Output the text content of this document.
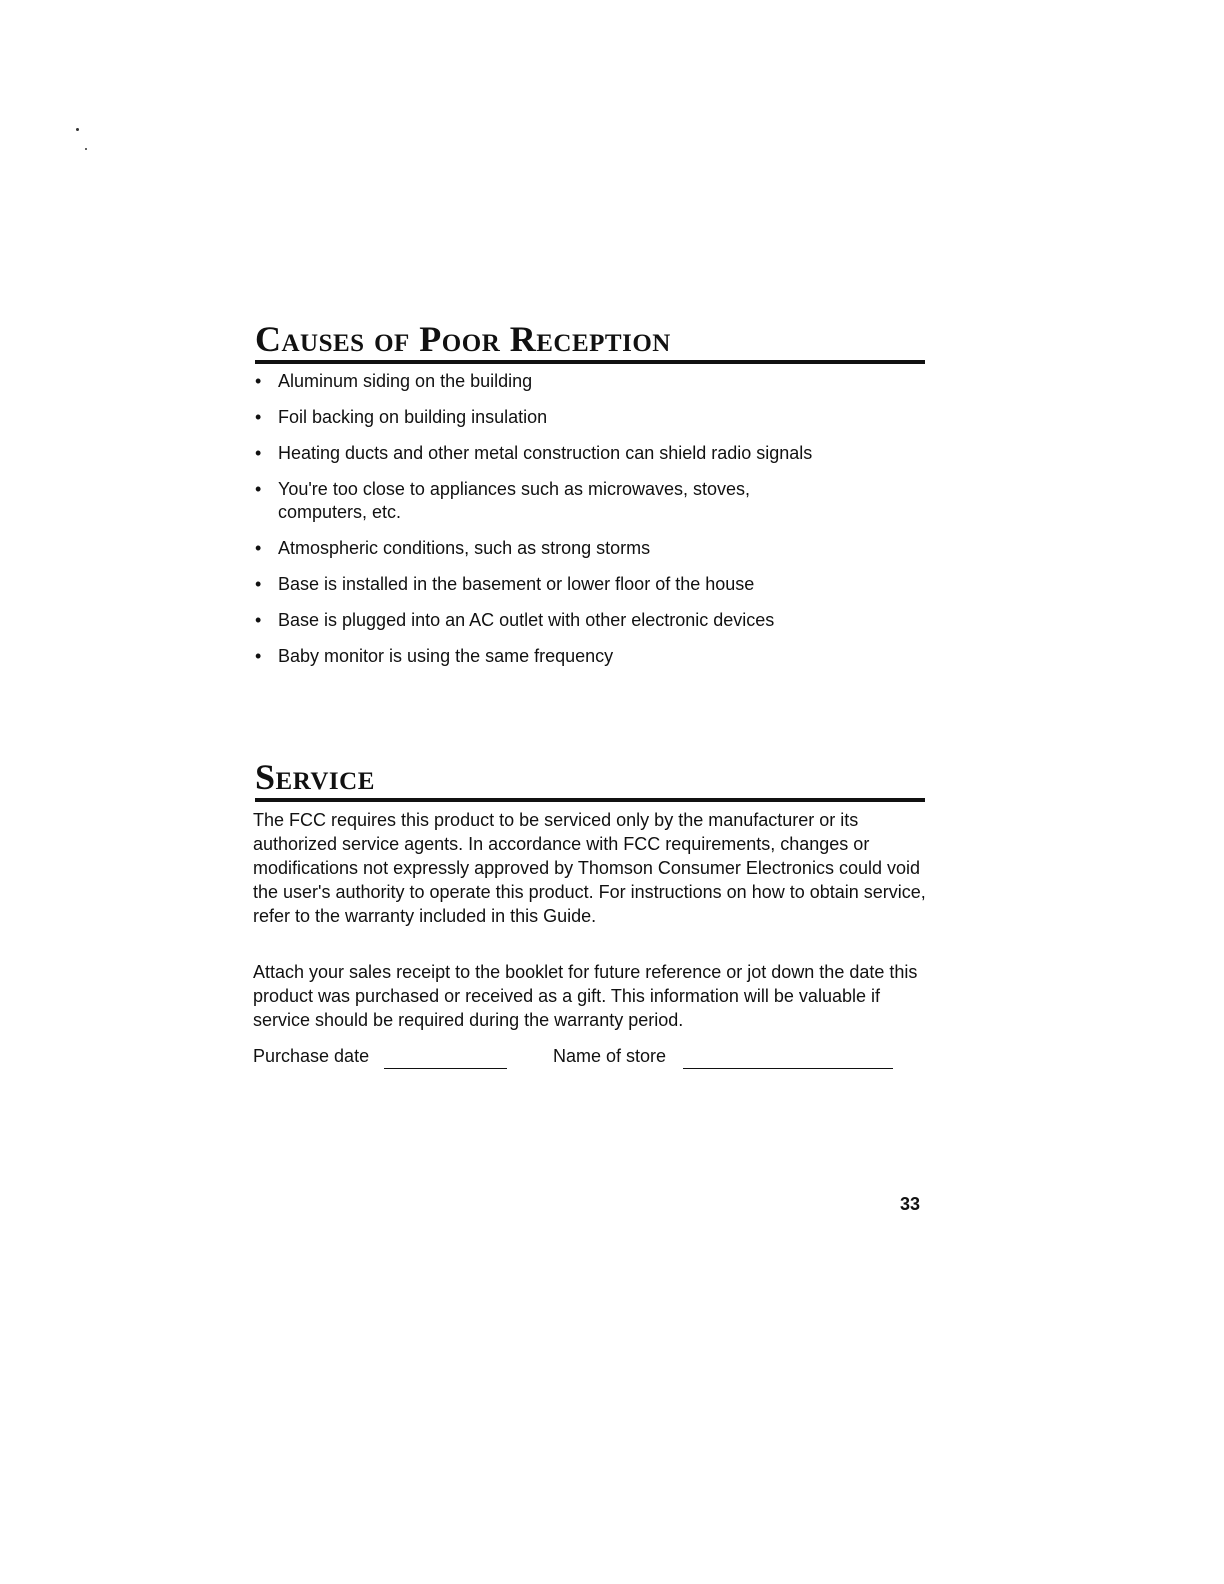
Causes of Poor Reception
• Aluminum siding on the building
• Foil backing on building insulation
• Heating ducts and other metal construction can shield radio signals
• You're too close to appliances such as microwaves, stoves, computers, etc.
• Atmospheric conditions, such as strong storms
• Base is installed in the basement or lower floor of the house
• Base is plugged into an AC outlet with other electronic devices
• Baby monitor is using the same frequency
Service

The FCC requires this product to be serviced only by the manufacturer or its authorized service agents. In accordance with FCC requirements, changes or modifications not expressly approved by Thomson Consumer Electronics could void the user's authority to operate this product. For instructions on how to obtain service, refer to the warranty included in this Guide.

Attach your sales receipt to the booklet for future reference or jot down the date this product was purchased or received as a gift. This information will be valuable if service should be required during the warranty period.

Purchase date	Name of store
33
